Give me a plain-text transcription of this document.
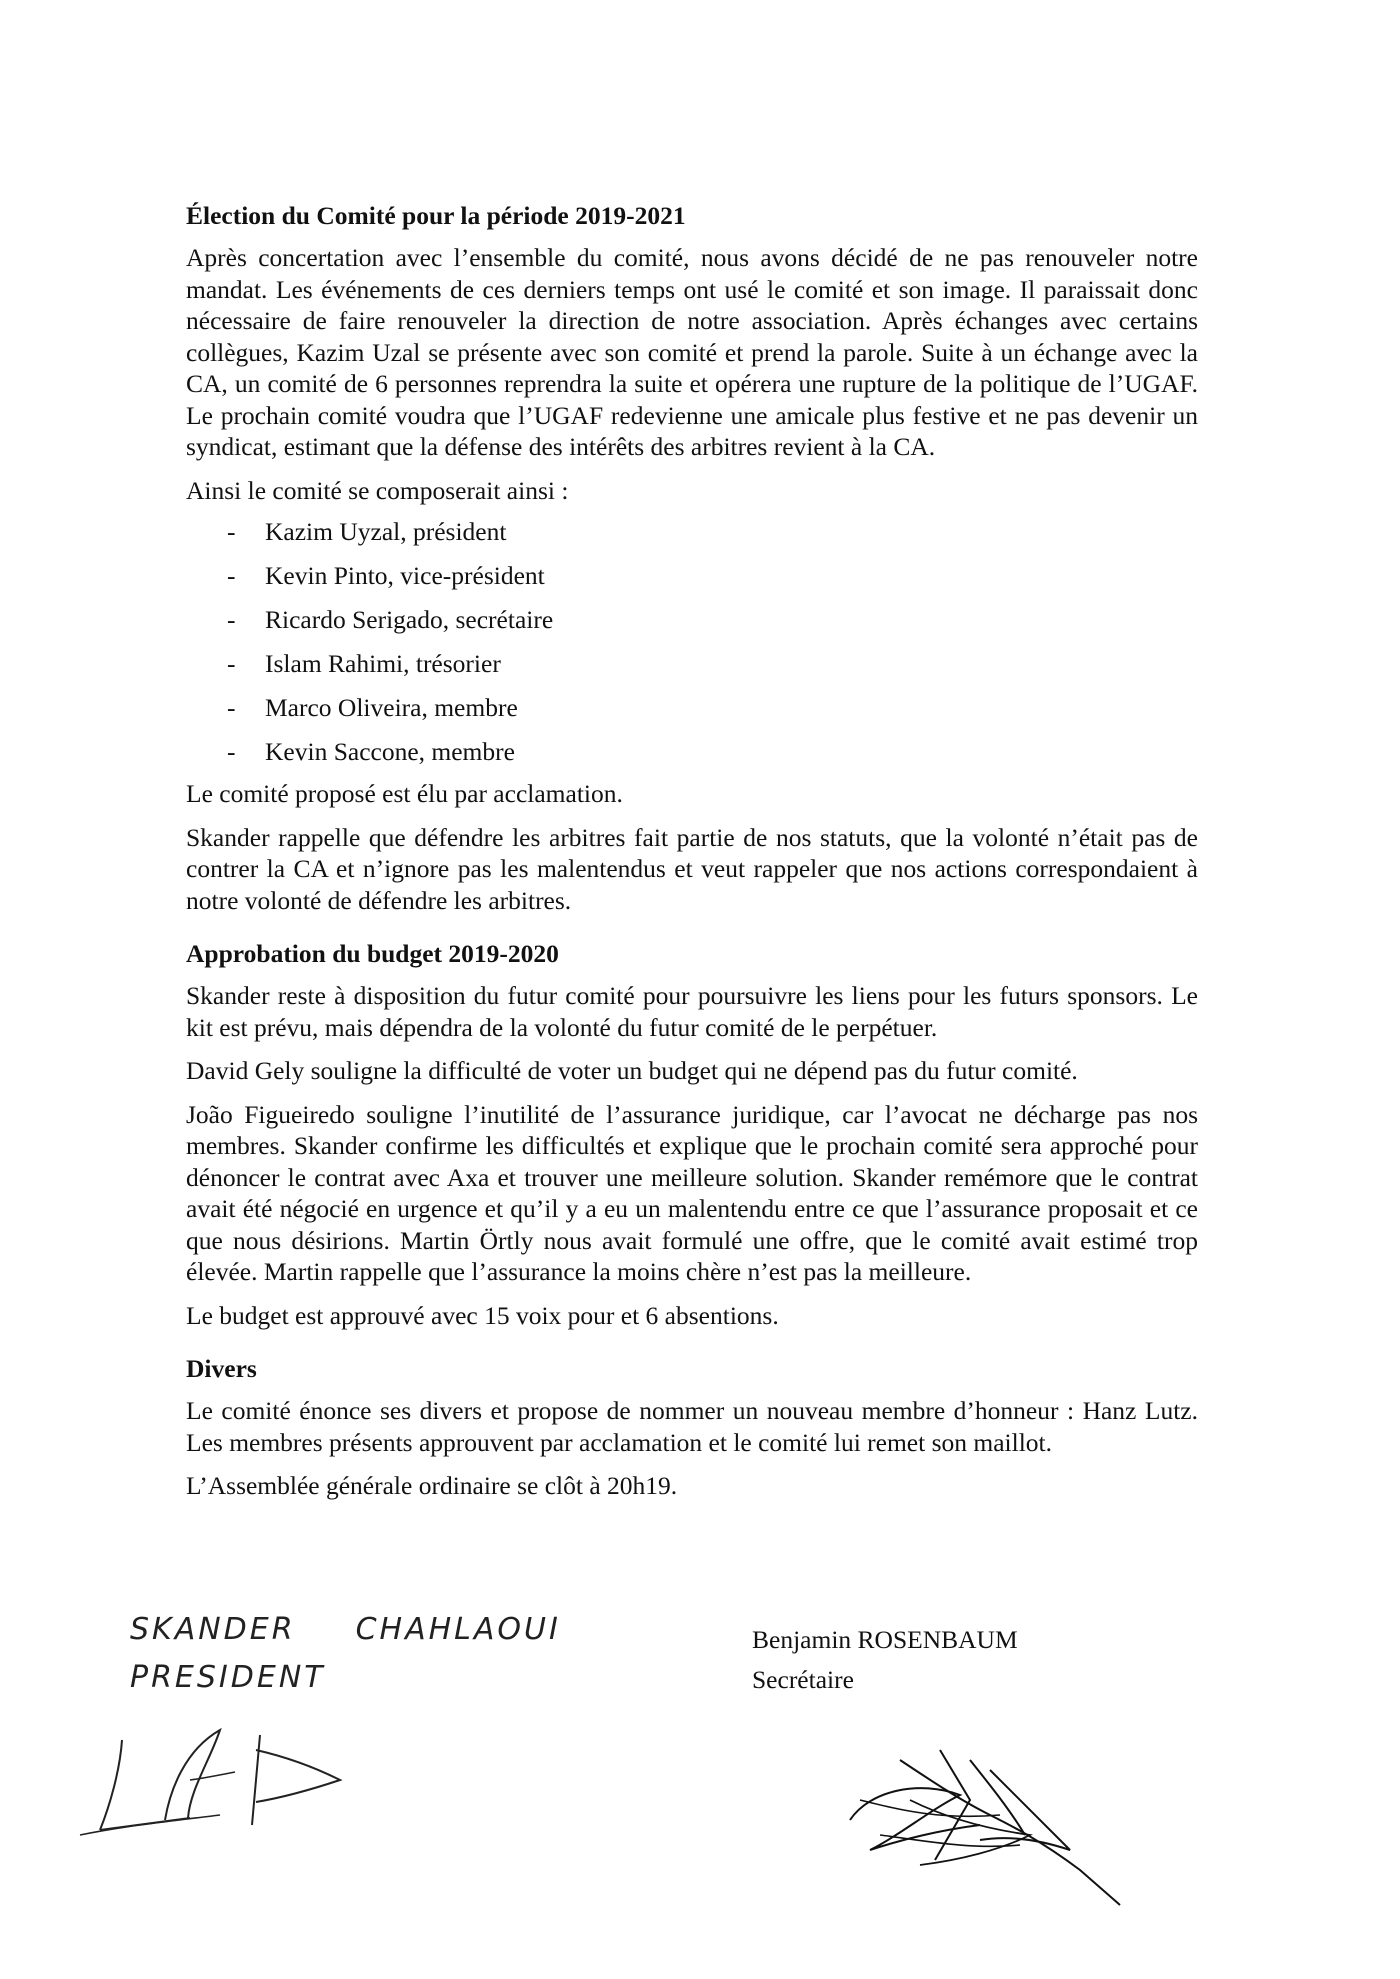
Élection du Comité pour la période 2019-2021

Après concertation avec l’ensemble du comité, nous avons décidé de ne pas renouveler notre mandat. Les événements de ces derniers temps ont usé le comité et son image. Il paraissait donc nécessaire de faire renouveler la direction de notre association. Après échanges avec certains collègues, Kazim Uzal se présente avec son comité et prend la parole. Suite à un échange avec la CA, un comité de 6 personnes reprendra la suite et opérera une rupture de la politique de l’UGAF. Le prochain comité voudra que l’UGAF redevienne une amicale plus festive et ne pas devenir un syndicat, estimant que la défense des intérêts des arbitres revient à la CA.

Ainsi le comité se composerait ainsi :

- Kazim Uyzal, président
- Kevin Pinto, vice-président
- Ricardo Serigado, secrétaire
- Islam Rahimi, trésorier
- Marco Oliveira, membre
- Kevin Saccone, membre

Le comité proposé est élu par acclamation.

Skander rappelle que défendre les arbitres fait partie de nos statuts, que la volonté n’était pas de contrer la CA et n’ignore pas les malentendus et veut rappeler que nos actions correspondaient à notre volonté de défendre les arbitres.

Approbation du budget 2019-2020

Skander reste à disposition du futur comité pour poursuivre les liens pour les futurs sponsors. Le kit est prévu, mais dépendra de la volonté du futur comité de le perpétuer.

David Gely souligne la difficulté de voter un budget qui ne dépend pas du futur comité.

João Figueiredo souligne l’inutilité de l’assurance juridique, car l’avocat ne décharge pas nos membres. Skander confirme les difficultés et explique que le prochain comité sera approché pour dénoncer le contrat avec Axa et trouver une meilleure solution. Skander remémore que le contrat avait été négocié en urgence et qu’il y a eu un malentendu entre ce que l’assurance proposait et ce que nous désirions. Martin Örtly nous avait formulé une offre, que le comité avait estimé trop élevée. Martin rappelle que l’assurance la moins chère n’est pas la meilleure.

Le budget est approuvé avec 15 voix pour et 6 absentions.

Divers

Le comité énonce ses divers et propose de nommer un nouveau membre d’honneur : Hanz Lutz. Les membres présents approuvent par acclamation et le comité lui remet son maillot.

L’Assemblée générale ordinaire se clôt à 20h19.

SKANDER CHAHLAOUI
PRESIDENT
Benjamin ROSENBAUM
Secrétaire
